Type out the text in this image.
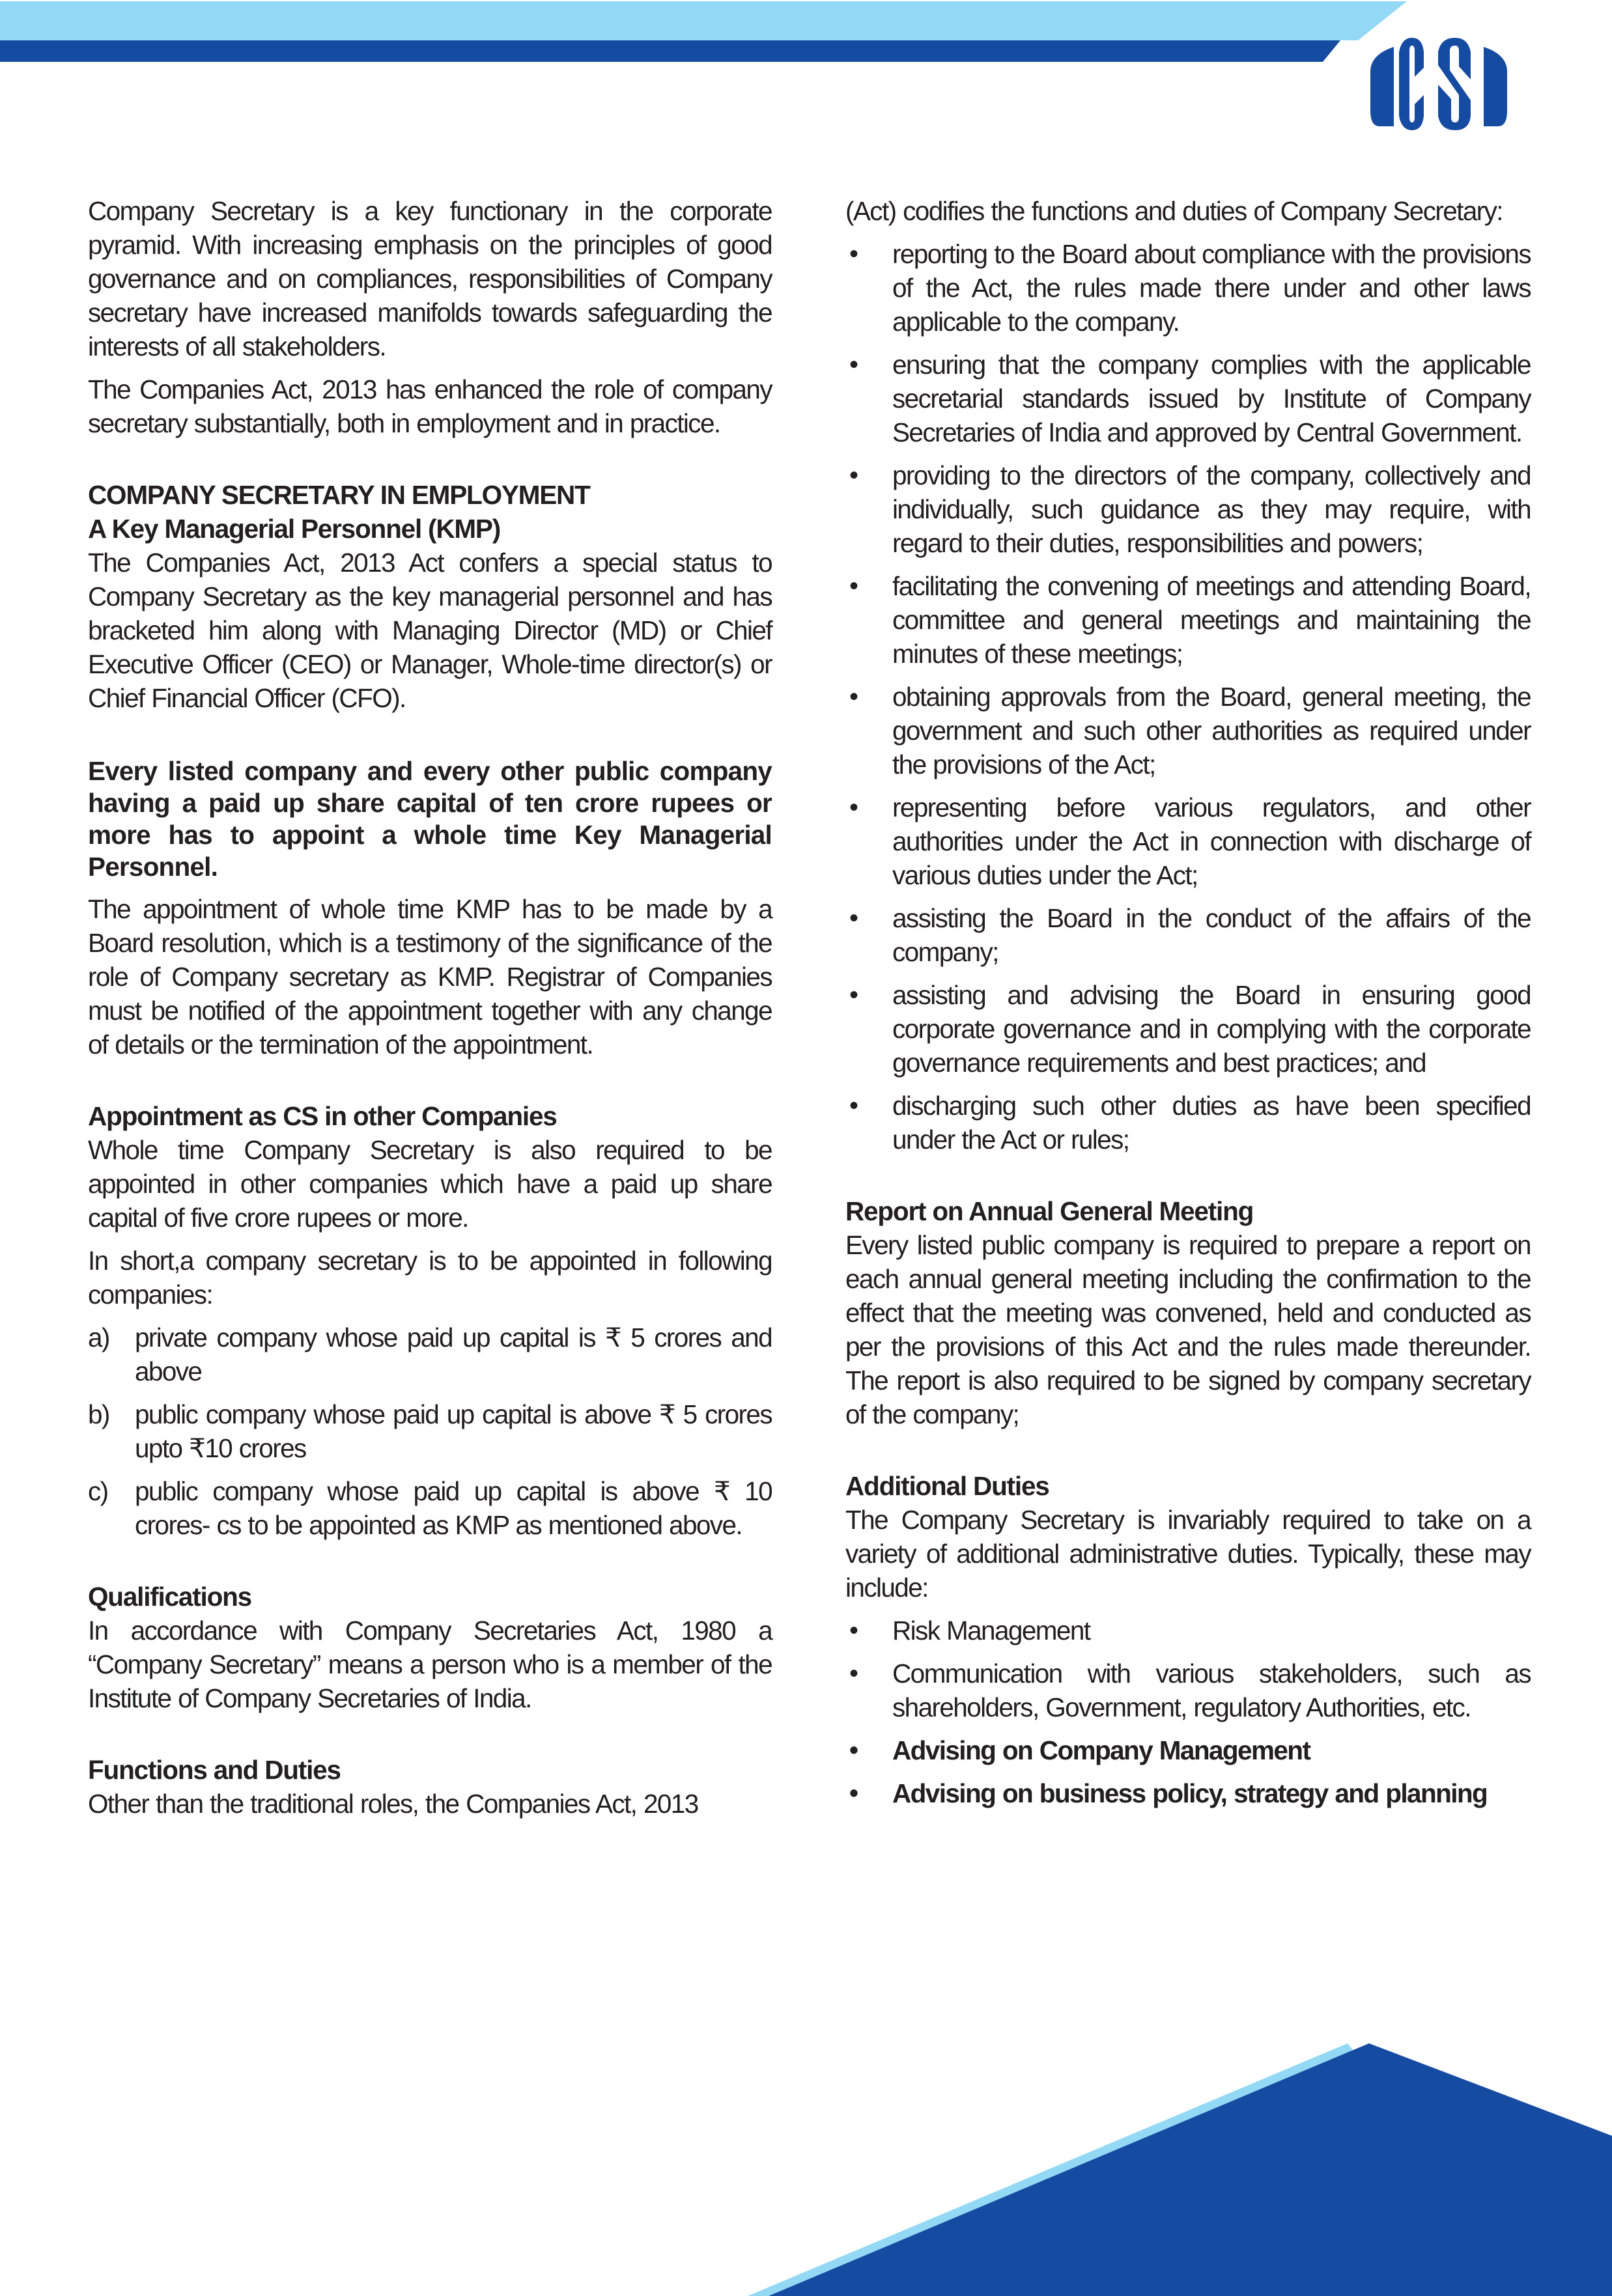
Company Secretary is a key functionary in the corporate pyramid. With increasing emphasis on the principles of good governance and on compliances, responsibilities of Company secretary have increased manifolds towards safeguarding the interests of all stakeholders.

The Companies Act, 2013 has enhanced the role of company secretary substantially, both in employment and in practice.

COMPANY SECRETARY IN EMPLOYMENT
A Key Managerial Personnel (KMP)

The Companies Act, 2013 Act confers a special status to Company Secretary as the key managerial personnel and has bracketed him along with Managing Director (MD) or Chief Executive Officer (CEO) or Manager, Whole-time director(s) or Chief Financial Officer (CFO).

Every listed company and every other public company having a paid up share capital of ten crore rupees or more has to appoint a whole time Key Managerial Personnel.

The appointment of whole time KMP has to be made by a Board resolution, which is a testimony of the significance of the role of Company secretary as KMP. Registrar of Companies must be notified of the appointment together with any change of details or the termination of the appointment.

Appointment as CS in other Companies

Whole time Company Secretary is also required to be appointed in other companies which have a paid up share capital of five crore rupees or more.

In short,a company secretary is to be appointed in following companies:

a) private company whose paid up capital is ₹ 5 crores and above
b) public company whose paid up capital is above ₹ 5 crores upto ₹10 crores
c) public company whose paid up capital is above ₹ 10 crores- cs to be appointed as KMP as mentioned above.
Qualifications

In accordance with Company Secretaries Act, 1980 a “Company Secretary” means a person who is a member of the Institute of Company Secretaries of India.

Functions and Duties

Other than the traditional roles, the Companies Act, 2013

(Act) codifies the functions and duties of Company Secretary:

• reporting to the Board about compliance with the provisions of the Act, the rules made there under and other laws applicable to the company.
• ensuring that the company complies with the applicable secretarial standards issued by Institute of Company Secretaries of India and approved by Central Government.
• providing to the directors of the company, collectively and individually, such guidance as they may require, with regard to their duties, responsibilities and powers;
• facilitating the convening of meetings and attending Board, committee and general meetings and maintaining the minutes of these meetings;
• obtaining approvals from the Board, general meeting, the government and such other authorities as required under the provisions of the Act;
• representing before various regulators, and other authorities under the Act in connection with discharge of various duties under the Act;
• assisting the Board in the conduct of the affairs of the company;
• assisting and advising the Board in ensuring good corporate governance and in complying with the corporate governance requirements and best practices; and
• discharging such other duties as have been specified under the Act or rules;
Report on Annual General Meeting

Every listed public company is required to prepare a report on each annual general meeting including the confirmation to the effect that the meeting was convened, held and conducted as per the provisions of this Act and the rules made thereunder. The report is also required to be signed by company secretary of the company;

Additional Duties

The Company Secretary is invariably required to take on a variety of additional administrative duties. Typically, these may include:

• Risk Management
• Communication with various stakeholders, such as shareholders, Government, regulatory Authorities, etc.
• Advising on Company Management
• Advising on business policy, strategy and planning
